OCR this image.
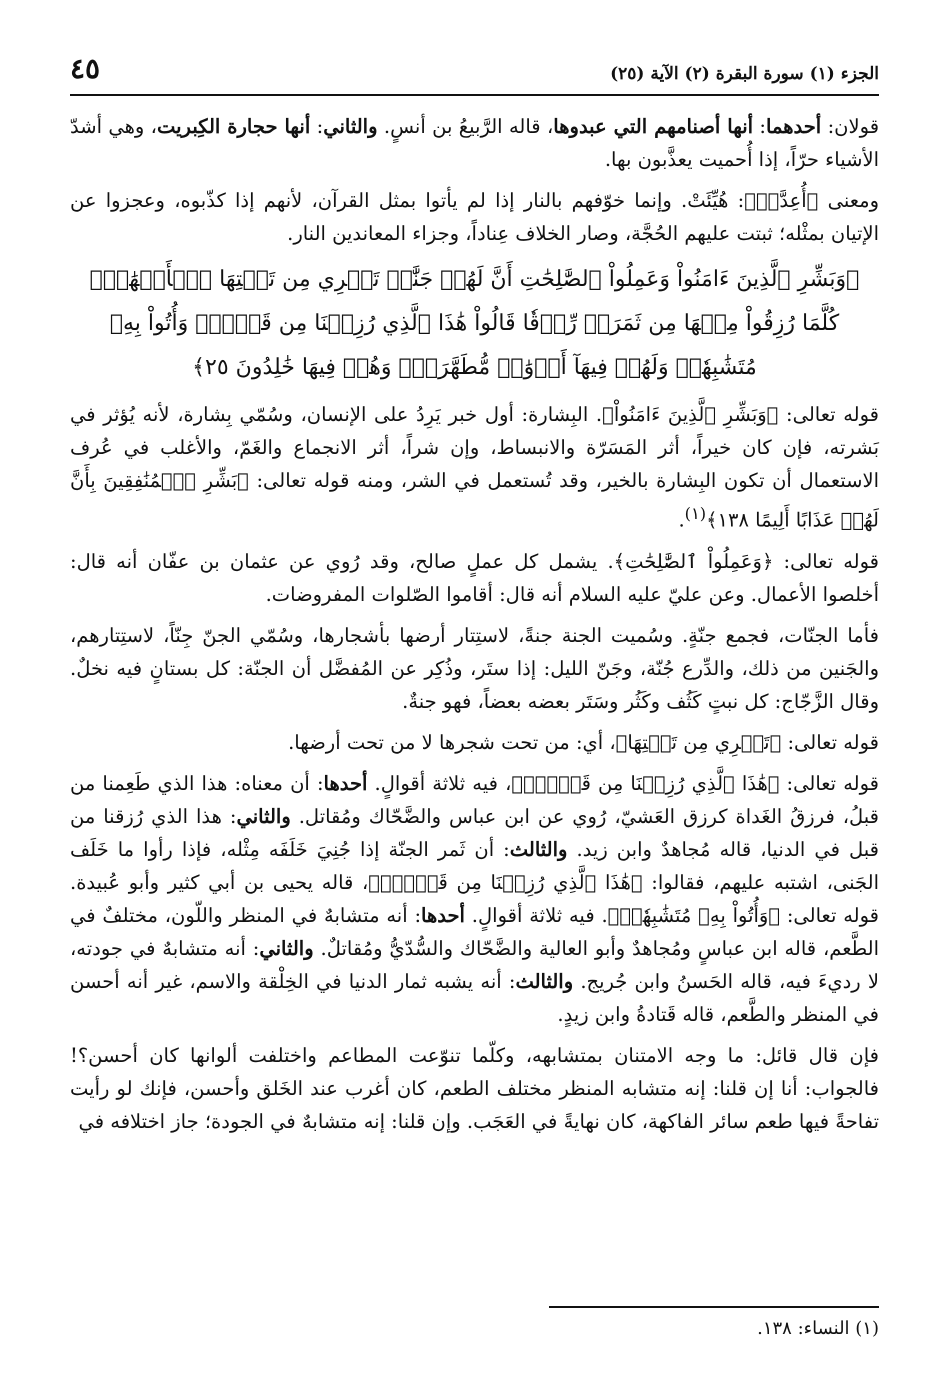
الجزء (١) سورة البقرة (٢) الآية (٢٥)
٤٥

قولان: أحدهما: أنها أصنامهم التي عبدوها، قاله الرَّبيعُ بن أنسٍ. والثاني: أنها حجارة الكِبريت، وهي أشدّ الأشياء حرّاً، إذا أُحميت يعذَّبون بها.

ومعنى ﴿أُعِدَّتۡ﴾: هُيِّئَتْ. وإنما خوّفهم بالنار إذا لم يأتوا بمثل القرآن، لأنهم إذا كذّبوه، وعجزوا عن الإتيان بمثْله؛ ثبتت عليهم الحُجَّة، وصار الخلاف عِناداً، وجزاء المعاندين النار.

﴿وَبَشِّرِ ٱلَّذِينَ ءَامَنُواْ وَعَمِلُواْ ٱلصَّٰلِحَٰتِ أَنَّ لَهُمۡ جَنَّٰتٖ تَجۡرِي مِن تَحۡتِهَا ٱلۡأَنۡهَٰرُۖ كُلَّمَا رُزِقُواْ مِنۡهَا مِن ثَمَرَةٖ رِّزۡقٗا قَالُواْ هَٰذَا ٱلَّذِي رُزِقۡنَا مِن قَبۡلُۖ وَأُتُواْ بِهِۦ مُتَشَٰبِهٗاۖ وَلَهُمۡ فِيهَآ أَزۡوَٰجٞ مُّطَهَّرَةٞۖ وَهُمۡ فِيهَا خَٰلِدُونَ ٢٥﴾

قوله تعالى: ﴿وَبَشِّرِ ٱلَّذِينَ ءَامَنُواْ﴾. البِشارة: أول خبر يَرِدُ على الإنسان، وسُمّي بِشارة، لأنه يُؤثر في بَشرته، فإن كان خيراً، أثر المَسَرّة والانبساط، وإن شراً، أثر الانجماع والغَمّ، والأغلب في عُرف الاستعمال أن تكون البِشارة بالخير، وقد تُستعمل في الشر، ومنه قوله تعالى: ﴿بَشِّرِ ٱلۡمُنَٰفِقِينَ بِأَنَّ لَهُمۡ عَذَابًا أَلِيمًا ١٣٨﴾$^{(١)}$.

قوله تعالى: ﴿وَعَمِلُواْ ٱلصَّٰلِحَٰتِ﴾. يشمل كل عملٍ صالح، وقد رُوي عن عثمان بن عفّان أنه قال: أخلصوا الأعمال. وعن عليّ عليه السلام أنه قال: أقاموا الصّلوات المفروضات.

فأما الجنّات، فجمع جنّةٍ. وسُميت الجنة جنةً، لاستِتار أرضها بأشجارها، وسُمّي الجنّ جِنّاً، لاستِتارهم، والجَنين من ذلك، والدِّرع جُنّة، وجَنّ الليل: إذا ستَر، وذُكِر عن المُفضَّل أن الجنّة: كل بستانٍ فيه نخلٌ. وقال الزَّجّاج: كل نبتٍ كَثُف وكَثُر وسَتَر بعضه بعضاً، فهو جنةٌ.

قوله تعالى: ﴿تَجۡرِي مِن تَحۡتِهَا﴾، أي: من تحت شجرها لا من تحت أرضها.

قوله تعالى: ﴿هَٰذَا ٱلَّذِي رُزِقۡنَا مِن قَبۡلُۖ﴾، فيه ثلاثة أقوالٍ. أحدها: أن معناه: هذا الذي طَعِمنا من قبلُ، فرزقُ الغَداة كرزق العَشيّ، رُوي عن ابن عباس والضَّحّاك ومُقاتل. والثاني: هذا الذي رُزقنا من قبل في الدنيا، قاله مُجاهدٌ وابن زيد. والثالث: أن ثَمر الجنّة إذا جُنِيَ خَلَفَه مِثْله، فإذا رأوا ما خَلَف الجَنى، اشتبه عليهم، فقالوا: ﴿هَٰذَا ٱلَّذِي رُزِقۡنَا مِن قَبۡلُۖ﴾، قاله يحيى بن أبي كثير وأبو عُبيدة. قوله تعالى: ﴿وَأُتُواْ بِهِۦ مُتَشَٰبِهٗاۖ﴾. فيه ثلاثة أقوالٍ. أحدها: أنه متشابهٌ في المنظر واللّون، مختلفٌ في الطَّعم، قاله ابن عباسٍ ومُجاهدٌ وأبو العالية والضَّحّاك والسُّدّيُّ ومُقاتلٌ. والثاني: أنه متشابهٌ في جودته، لا رديءَ فيه، قاله الحَسنُ وابن جُريج. والثالث: أنه يشبه ثمار الدنيا في الخِلْقة والاسم، غير أنه أحسن في المنظر والطَّعم، قاله قَتادةُ وابن زيدٍ.

فإن قال قائل: ما وجه الامتنان بمتشابهه، وكلّما تنوّعت المطاعم واختلفت ألوانها كان أحسن؟! فالجواب: أنا إن قلنا: إنه متشابه المنظر مختلف الطعم، كان أغرب عند الخَلق وأحسن، فإنك لو رأيت تفاحةً فيها طعم سائر الفاكهة، كان نهايةً في العَجَب. وإن قلنا: إنه متشابهٌ في الجودة؛ جاز اختلافه في

(١) النساء: ١٣٨.
